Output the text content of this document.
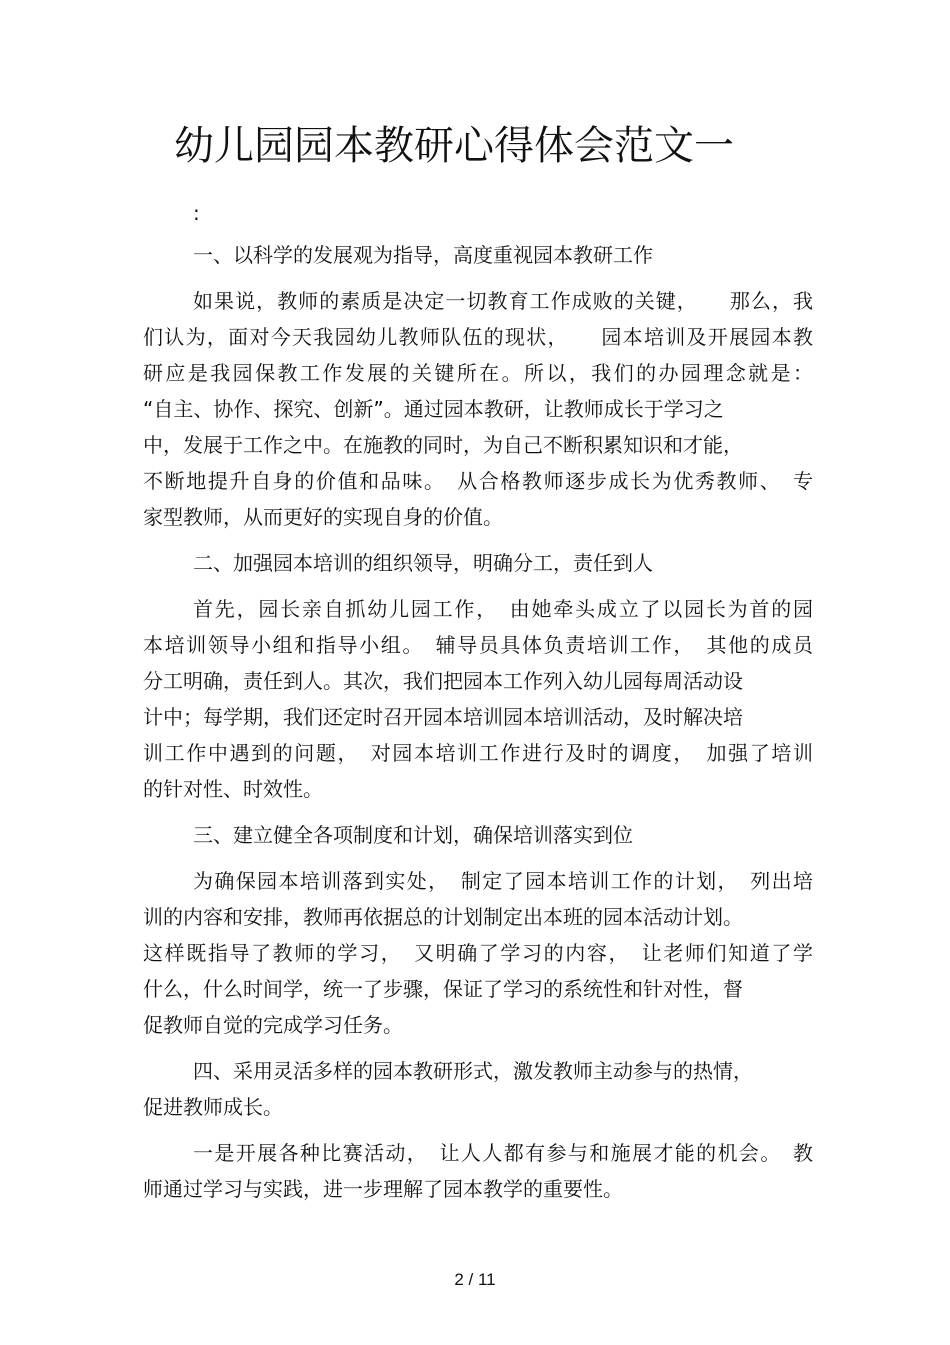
幼儿园园本教研心得体会范文一

:

一、以科学的发展观为指导，高度重视园本教研工作

如果说，教师的素质是决定一切教育工作成败的关键，　　那么，我

们认为，面对今天我园幼儿教师队伍的现状，　　园本培训及开展园本教

研应是我园保教工作发展的关键所在。所以，我们的办园理念就是：

“自主、协作、探究、创新”。通过园本教研，让教师成长于学习之

中，发展于工作之中。在施教的同时，为自己不断积累知识和才能，

不断地提升自身的价值和品味。　从合格教师逐步成长为优秀教师、　专

家型教师，从而更好的实现自身的价值。

二、加强园本培训的组织领导，明确分工，责任到人

首先，园长亲自抓幼儿园工作，　由她牵头成立了以园长为首的园

本培训领导小组和指导小组。　辅导员具体负责培训工作，　其他的成员

分工明确，责任到人。其次，我们把园本工作列入幼儿园每周活动设

计中；每学期，我们还定时召开园本培训园本培训活动，及时解决培

训工作中遇到的问题，　对园本培训工作进行及时的调度，　加强了培训

的针对性、时效性。

三、建立健全各项制度和计划，确保培训落实到位

为确保园本培训落到实处，　制定了园本培训工作的计划，　列出培

训的内容和安排，教师再依据总的计划制定出本班的园本活动计划。

这样既指导了教师的学习，　又明确了学习的内容，　让老师们知道了学

什么，什么时间学，统一了步骤，保证了学习的系统性和针对性，督

促教师自觉的完成学习任务。

四、采用灵活多样的园本教研形式，激发教师主动参与的热情，

促进教师成长。

一是开展各种比赛活动，　让人人都有参与和施展才能的机会。　教

师通过学习与实践，进一步理解了园本教学的重要性。

2 / 11
